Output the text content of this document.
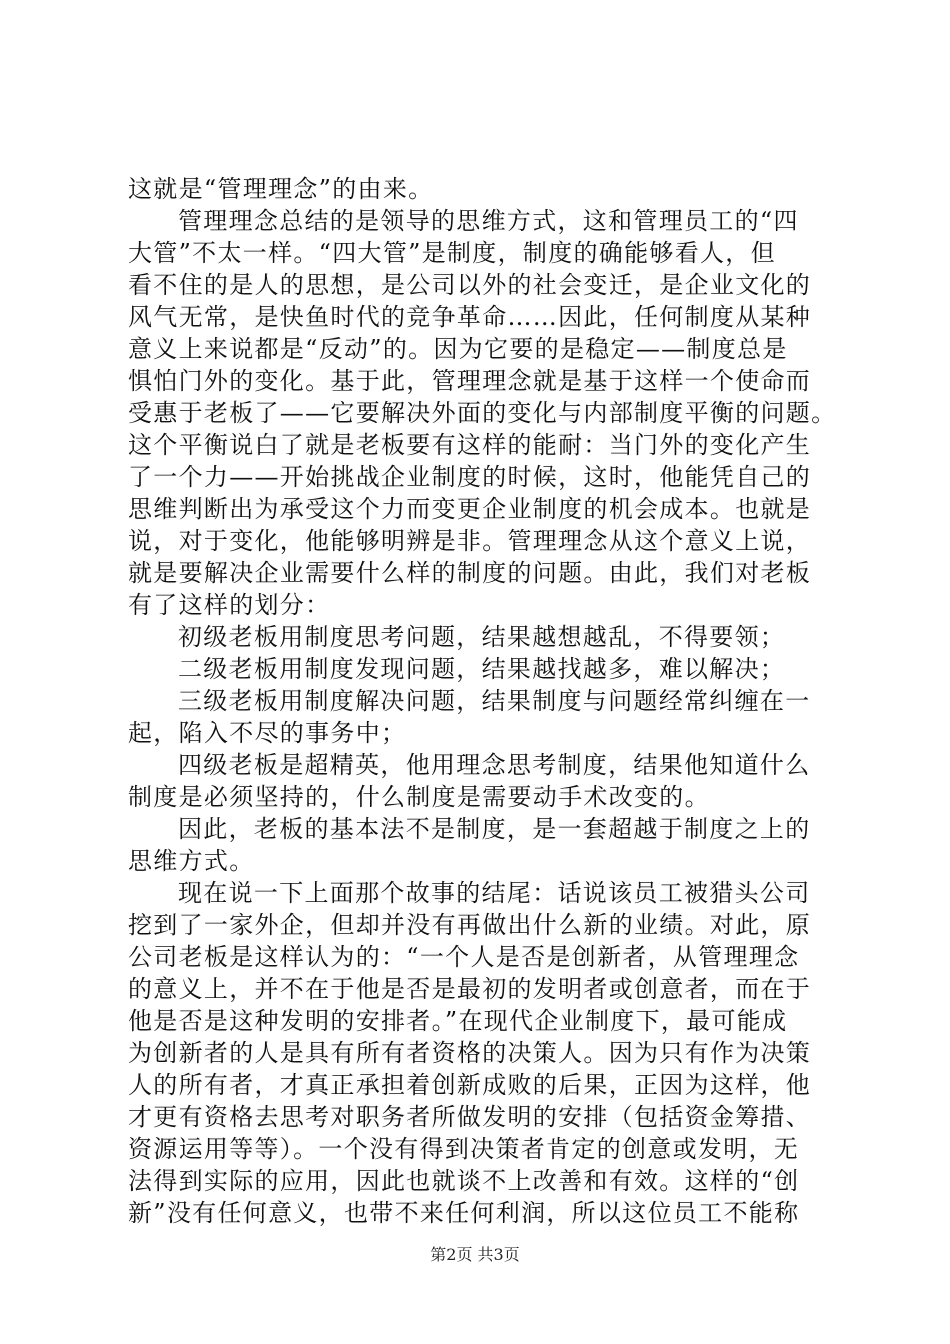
这就是“管理理念”的由来。
管理理念总结的是领导的思维方式，这和管理员工的“四
大管”不太一样。“四大管”是制度，制度的确能够看人，但
看不住的是人的思想，是公司以外的社会变迁，是企业文化的
风气无常，是快鱼时代的竞争革命……因此，任何制度从某种
意义上来说都是“反动”的。因为它要的是稳定——制度总是
惧怕门外的变化。基于此，管理理念就是基于这样一个使命而
受惠于老板了——它要解决外面的变化与内部制度平衡的问题。
这个平衡说白了就是老板要有这样的能耐：当门外的变化产生
了一个力——开始挑战企业制度的时候，这时，他能凭自己的
思维判断出为承受这个力而变更企业制度的机会成本。也就是
说，对于变化，他能够明辨是非。管理理念从这个意义上说，
就是要解决企业需要什么样的制度的问题。由此，我们对老板
有了这样的划分：
初级老板用制度思考问题，结果越想越乱，不得要领；
二级老板用制度发现问题，结果越找越多，难以解决；
三级老板用制度解决问题，结果制度与问题经常纠缠在一
起，陷入不尽的事务中；
四级老板是超精英，他用理念思考制度，结果他知道什么
制度是必须坚持的，什么制度是需要动手术改变的。
因此，老板的基本法不是制度，是一套超越于制度之上的
思维方式。
现在说一下上面那个故事的结尾：话说该员工被猎头公司
挖到了一家外企，但却并没有再做出什么新的业绩。对此，原
公司老板是这样认为的：“一个人是否是创新者，从管理理念
的意义上，并不在于他是否是最初的发明者或创意者，而在于
他是否是这种发明的安排者。”在现代企业制度下，最可能成
为创新者的人是具有所有者资格的决策人。因为只有作为决策
人的所有者，才真正承担着创新成败的后果，正因为这样，他
才更有资格去思考对职务者所做发明的安排（包括资金筹措、
资源运用等等）。一个没有得到决策者肯定的创意或发明，无
法得到实际的应用，因此也就谈不上改善和有效。这样的“创
新”没有任何意义，也带不来任何利润，所以这位员工不能称
第2页 共3页
